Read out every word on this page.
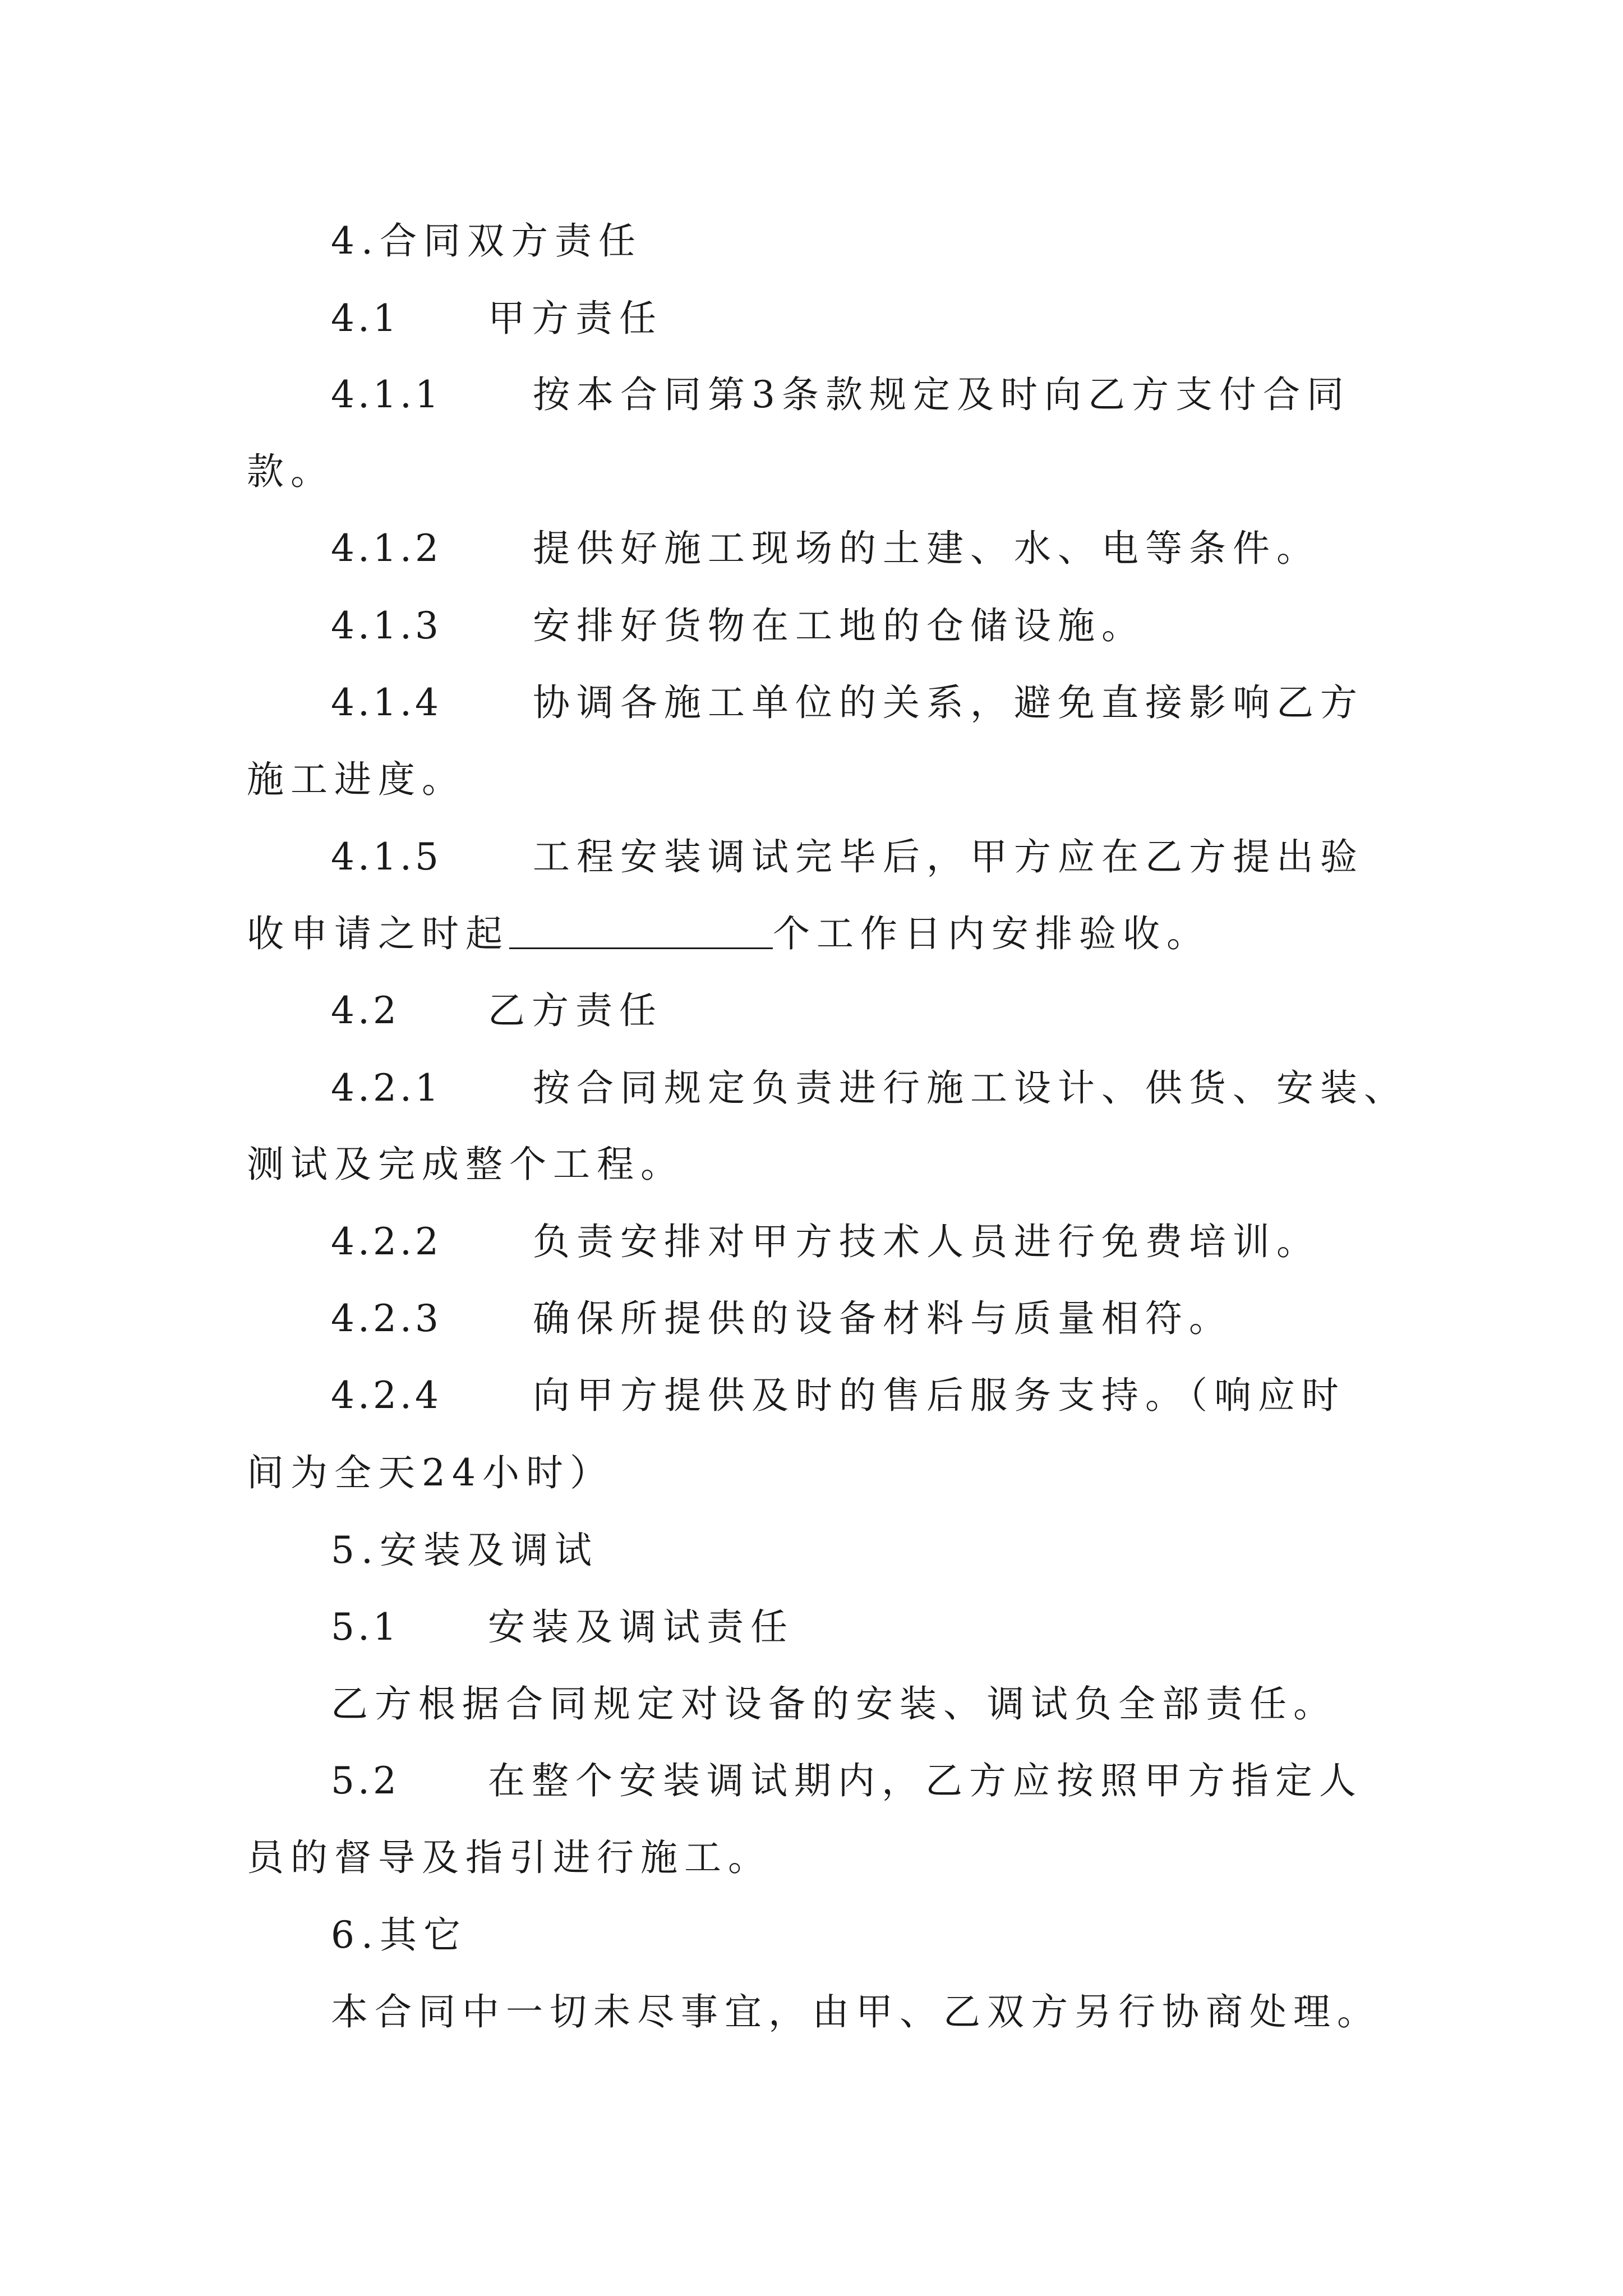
4.合同双方责任

4.1 甲方责任

4.1.1 按本合同第3条款规定及时向乙方支付合同

款。

4.1.2 提供好施工现场的土建、水、电等条件。

4.1.3 安排好货物在工地的仓储设施。

4.1.4 协调各施工单位的关系，避免直接影响乙方

施工进度。

4.1.5 工程安装调试完毕后，甲方应在乙方提出验

收申请之时起	个工作日内安排验收。

4.2 乙方责任

4.2.1 按合同规定负责进行施工设计、供货、安装、

测试及完成整个工程。

4.2.2 负责安排对甲方技术人员进行免费培训。

4.2.3 确保所提供的设备材料与质量相符。

4.2.4 向甲方提供及时的售后服务支持。（响应时

间为全天24小时）

5.安装及调试

5.1 安装及调试责任

乙方根据合同规定对设备的安装、调试负全部责任。

5.2 在整个安装调试期内，乙方应按照甲方指定人

员的督导及指引进行施工。

6.其它

本合同中一切未尽事宜，由甲、乙双方另行协商处理。
